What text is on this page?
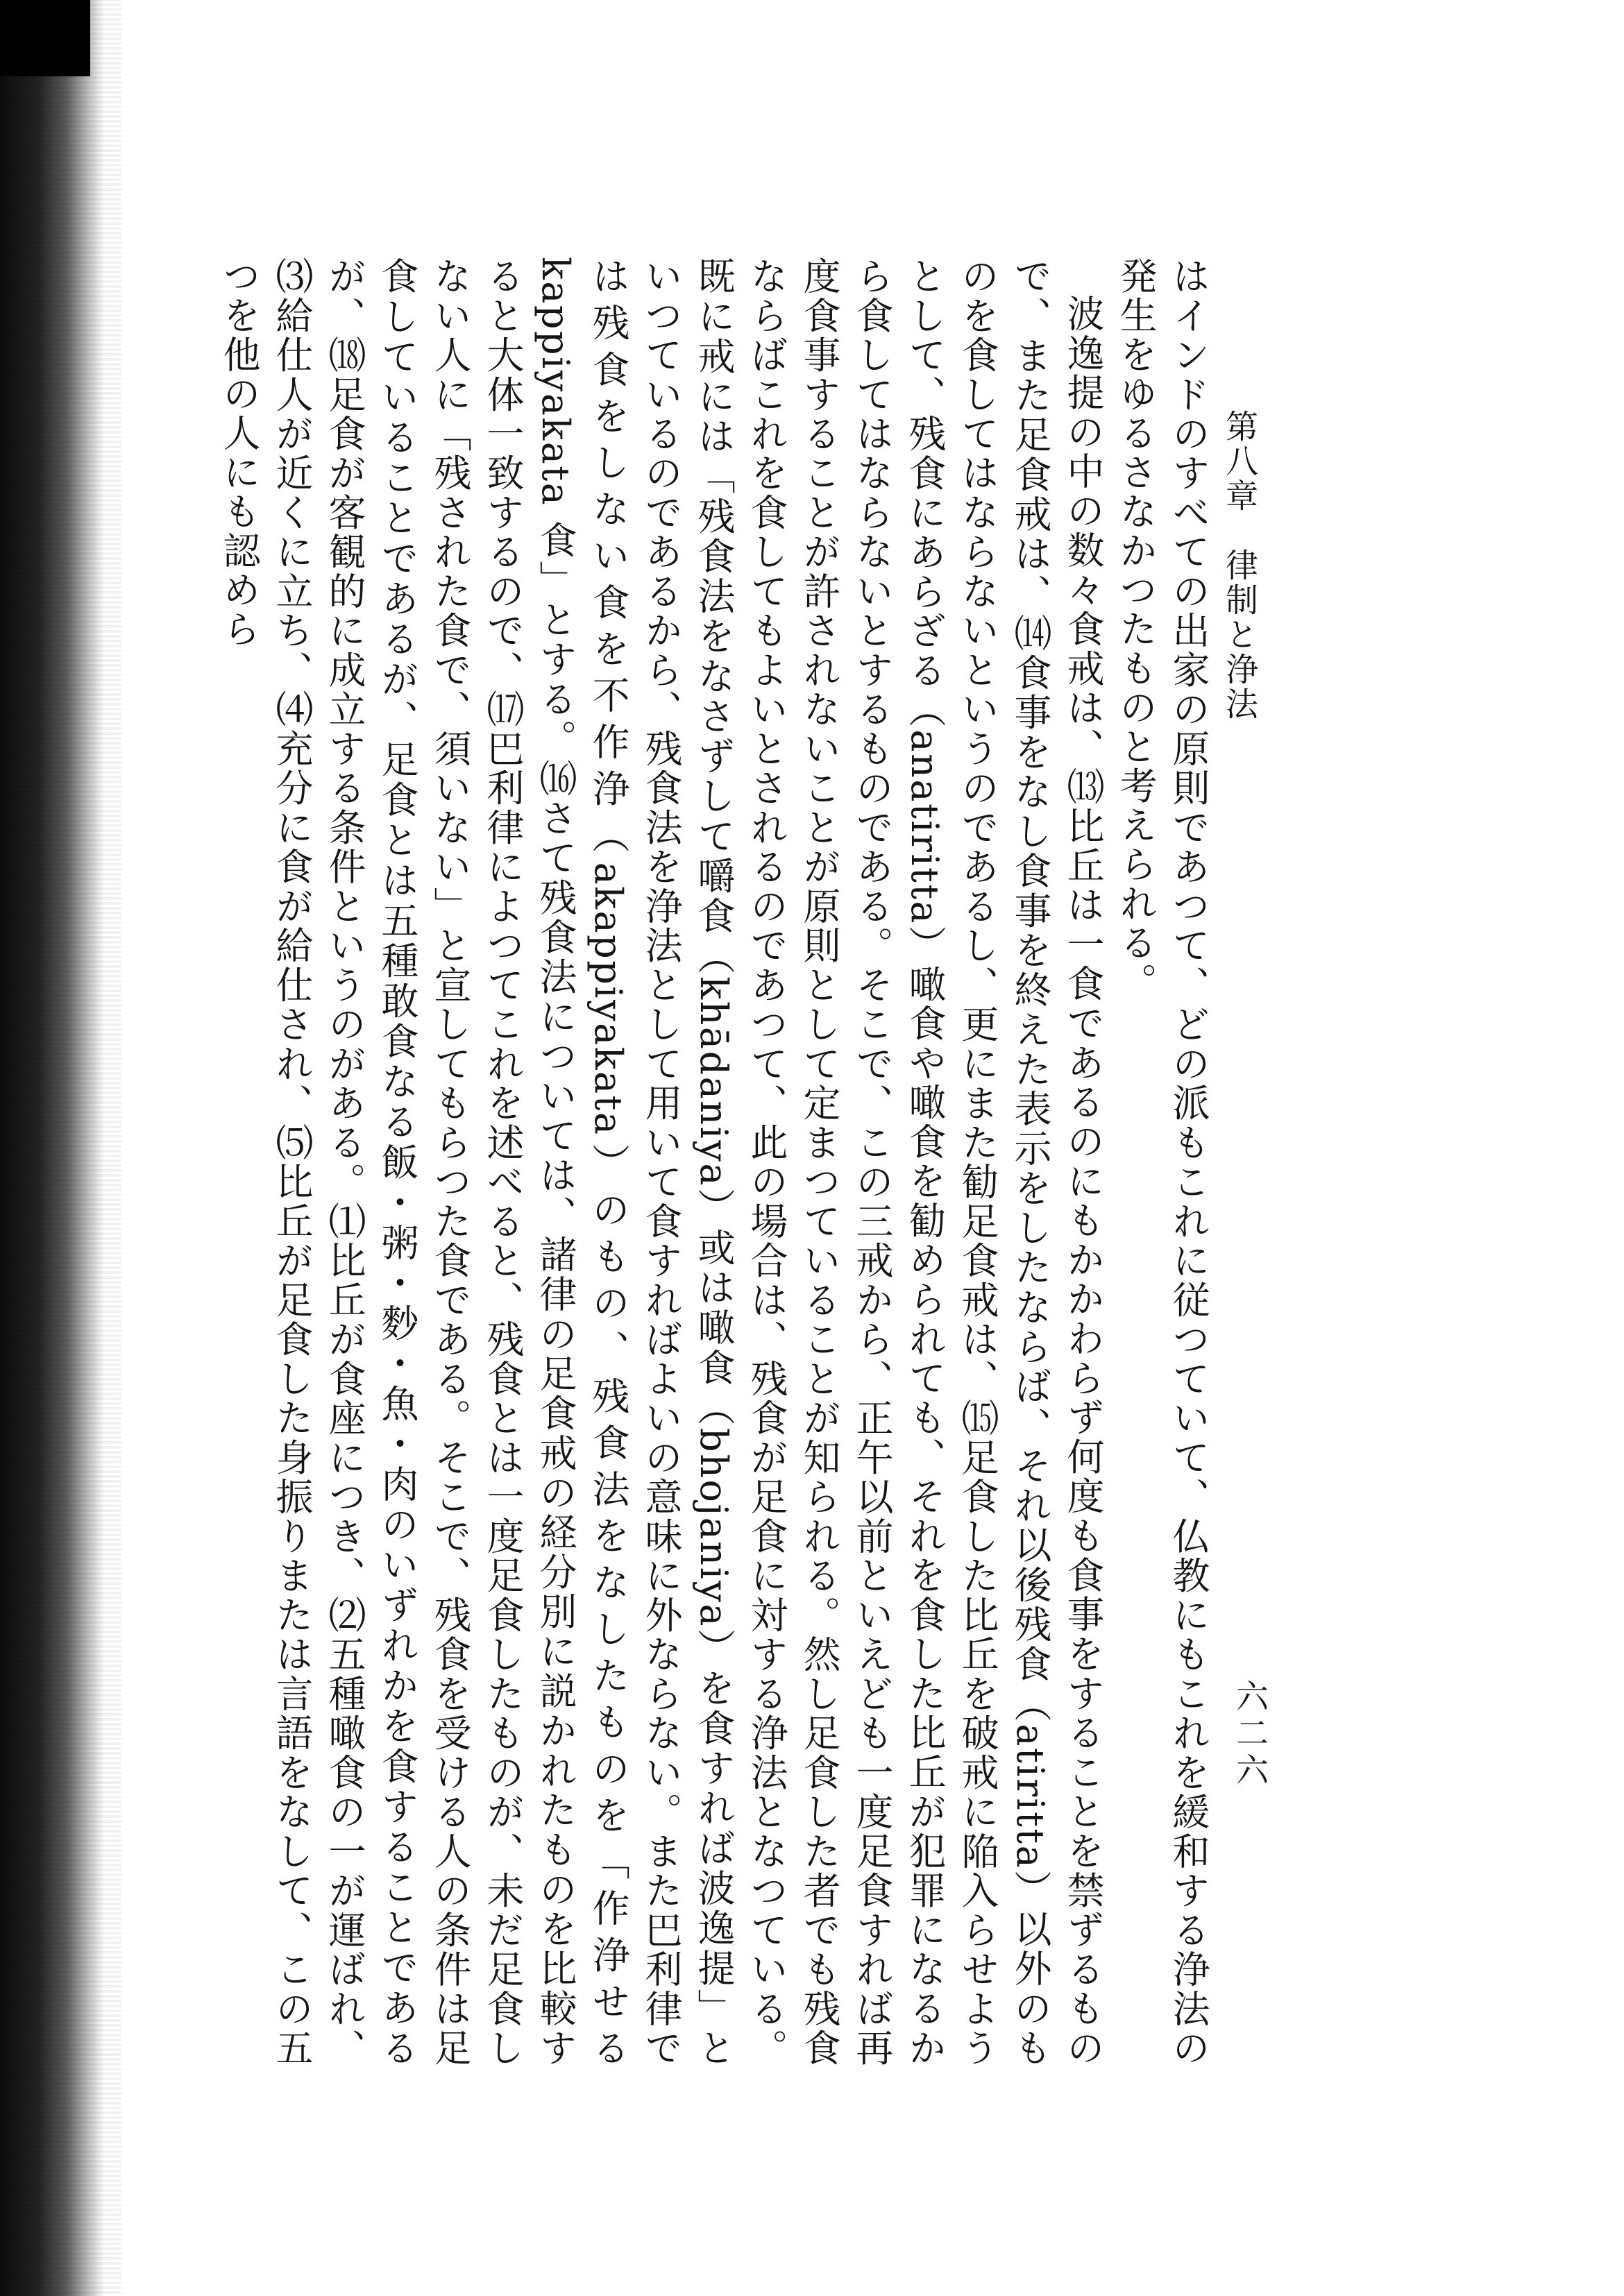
第八章　律制と浄法
六二六

はインドのすべての出家の原則であつて、どの派もこれに従つていて、仏教にもこれを緩和する浄法の発生をゆるさなかつたものと考えられる。

波逸提の中の数々食戒は、⒀比丘は一食であるのにもかかわらず何度も食事をすることを禁ずるもので、また足食戒は、⒁食事をなし食事を終えた表示をしたならば、それ以後残食（atiritta）以外のものを食してはならないというのであるし、更にまた勧足食戒は、⒂足食した比丘を破戒に陥入らせようとして、残食にあらざる（anatiritta）噉食や噉食を勧められても、それを食した比丘が犯罪になるから食してはならないとするものである。そこで、この三戒から、正午以前といえども一度足食すれば再度食事することが許されないことが原則として定まつていることが知られる。然し足食した者でも残食ならばこれを食してもよいとされるのであつて、此の場合は、残食が足食に対する浄法となつている。既に戒には「残食法をなさずして嚼食（khādaniya）或は噉食（bhojaniya）を食すれば波逸提」といつているのであるから、残食法を浄法として用いて食すればよいの意味に外ならない。また巴利律では残食をしない食を不作浄（akappiyakata）のもの、残食法をなしたものを「作浄せる kappiyakata 食」とする。⒃さて残食法については、諸律の足食戒の経分別に説かれたものを比較すると大体一致するので、⒄巴利律によつてこれを述べると、残食とは一度足食したものが、未だ足食しない人に「残された食で、須いない」と宣してもらつた食である。そこで、残食を受ける人の条件は足食していることであるが、足食とは五種敢食なる飯・粥・麨・魚・肉のいずれかを食することであるが、⒅足食が客観的に成立する条件というのがある。⑴比丘が食座につき、⑵五種噉食の一が運ばれ、⑶給仕人が近くに立ち、⑷充分に食が給仕され、⑸比丘が足食した身振りまたは言語をなして、この五つを他の人にも認めら
